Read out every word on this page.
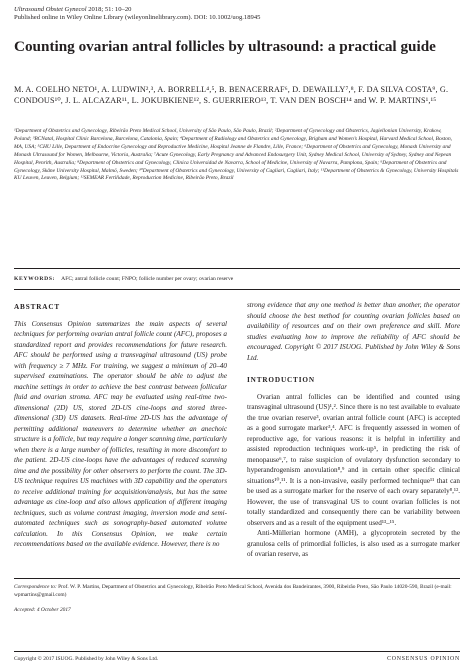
Ultrasound Obstet Gynecol 2018; 51: 10–20
Published online in Wiley Online Library (wileyonlinelibrary.com). DOI: 10.1002/uog.18945
Counting ovarian antral follicles by ultrasound: a practical guide

M. A. COELHO NETO¹, A. LUDWIN²,³, A. BORRELL⁴,⁵, B. BENACERRAF⁶, D. DEWAILLY⁷,⁸, F. DA SILVA COSTA⁹, G. CONDOUS¹⁰, J. L. ALCAZAR¹¹, L. JOKUBKIENE¹², S. GUERRIERO¹³, T. VAN DEN BOSCH¹⁴ and W. P. MARTINS¹,¹⁵

¹Department of Obstetrics and Gynecology, Ribeirão Preto Medical School, University of São Paulo, São Paulo, Brazil; ²Department of Gynecology and Obstetrics, Jagiellonian University, Krakow, Poland; ³BCNatal, Hospital Clinic Barcelona, Barcelona, Catalonia, Spain; ⁴Department of Radiology and Obstetrics and Gynecology, Brigham and Women’s Hospital, Harvard Medical School, Boston, MA, USA; ⁵CHU Lille, Department of Endocrine Gynecology and Reproductive Medicine, Hospital Jeanne de Flandre, Lille, France; ⁶Department of Obstetrics and Gynecology, Monash University and Monash Ultrasound for Women, Melbourne, Victoria, Australia; ⁷Acute Gynecology, Early Pregnancy and Advanced Endosurgery Unit, Sydney Medical School, University of Sydney, Sydney and Nepean Hospital, Penrith, Australia; ⁸Department of Obstetrics and Gynecology, Clinica Universidad de Navarra, School of Medicine, University of Navarra, Pamplona, Spain; ⁹Department of Obstetrics and Gynecology, Skåne University Hospital, Malmö, Sweden; ¹⁰Department of Obstetrics and Gynecology, University of Cagliari, Cagliari, Italy; ¹¹Department of Obstetrics & Gynecology, University Hospitals KU Leuven, Leuven, Belgium; ¹²SEMEAR Fertilidade, Reproduction Medicine, Ribeirão Preto, Brazil

KEYWORDS: AFC; antral follicle count; FNPO; follicle number per ovary; ovarian reserve
ABSTRACT

This Consensus Opinion summarizes the main aspects of several techniques for performing ovarian antral follicle count (AFC), proposes a standardized report and provides recommendations for future research. AFC should be performed using a transvaginal ultrasound (US) probe with frequency ≥ 7 MHz. For training, we suggest a minimum of 20–40 supervised examinations. The operator should be able to adjust the machine settings in order to achieve the best contrast between follicular fluid and ovarian stroma. AFC may be evaluated using real-time two-dimensional (2D) US, stored 2D-US cine-loops and stored three-dimensional (3D) US datasets. Real-time 2D-US has the advantage of permitting additional maneuvers to determine whether an anechoic structure is a follicle, but may require a longer scanning time, particularly when there is a large number of follicles, resulting in more discomfort to the patient. 2D-US cine-loops have the advantages of reduced scanning time and the possibility for other observers to perform the count. The 3D-US technique requires US machines with 3D capability and the operators to receive additional training for acquisition/analysis, but has the same advantage as cine-loop and also allows application of different imaging techniques, such as volume contrast imaging, inversion mode and semi-automated techniques such as sonography-based automated volume calculation. In this Consensus Opinion, we make certain recommendations based on the available evidence. However, there is no

strong evidence that any one method is better than another, the operator should choose the best method for counting ovarian follicles based on availability of resources and on their own preference and skill. More studies evaluating how to improve the reliability of AFC should be encouraged. Copyright © 2017 ISUOG. Published by John Wiley & Sons Ltd.

INTRODUCTION

Ovarian antral follicles can be identified and counted using transvaginal ultrasound (US)¹,². Since there is no test available to evaluate the true ovarian reserve³, ovarian antral follicle count (AFC) is accepted as a good surrogate marker³,⁴. AFC is frequently assessed in women of reproductive age, for various reasons: it is helpful in infertility and assisted reproduction techniques work-up⁵, in predicting the risk of menopause⁶,⁷, to raise suspicion of ovulatory dysfunction secondary to hyperandrogenism anovulation⁸,⁹ and in certain other specific clinical situations¹⁰,¹¹. It is a non-invasive, easily performed technique¹¹ that can be used as a surrogate marker for the reserve of each ovary separately⁸,¹². However, the use of transvaginal US to count ovarian follicles is not totally standardized and consequently there can be variability between observers and as a result of the equipment used¹³–¹⁵.

Anti-Müllerian hormone (AMH), a glycoprotein secreted by the granulosa cells of primordial follicles, is also used as a surrogate marker of ovarian reserve, as

Correspondence to: Prof. W. P. Martins, Department of Obstetrics and Gynecology, Ribeirão Preto Medical School, Avenida dos Bandeirantes, 3900, Ribeirão Preto, São Paulo 14020-590, Brazil (e-mail: wpmartins@gmail.com)
Accepted: 4 October 2017
Copyright © 2017 ISUOG. Published by John Wiley & Sons Ltd.	CONSENSUS OPINION
